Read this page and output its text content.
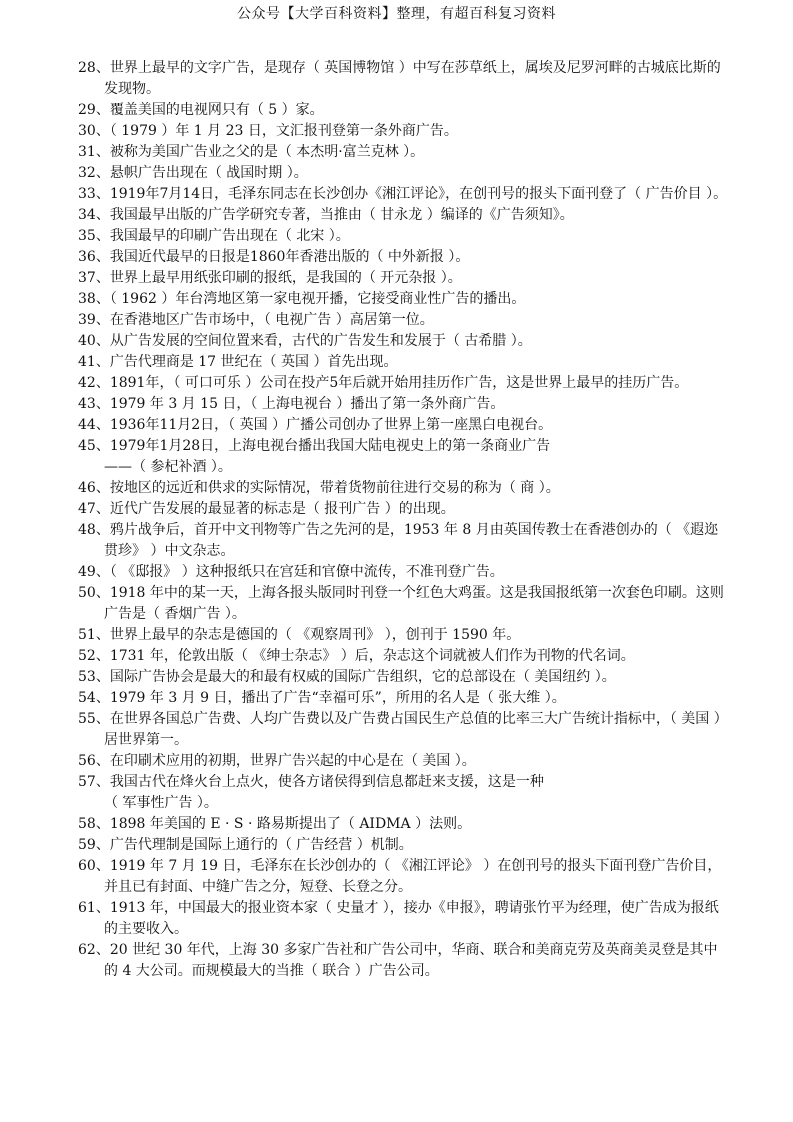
公众号【大学百科资料】整理，有超百科复习资料
28、世界上最早的文字广告，是现存（ 英国博物馆 ）中写在莎草纸上，属埃及尼罗河畔的古城底比斯的发现物。
29、覆盖美国的电视网只有（ 5 ）家。
30、（ 1979 ）年 1 月 23 日，文汇报刊登第一条外商广告。
31、被称为美国广告业之父的是（ 本杰明·富兰克林 ）。
32、悬帜广告出现在（ 战国时期 ）。
33、1919年7月14日，毛泽东同志在长沙创办《湘江评论》，在创刊号的报头下面刊登了（ 广告价目 ）。
34、我国最早出版的广告学研究专著，当推由（ 甘永龙 ）编译的《广告须知》。
35、我国最早的印刷广告出现在（ 北宋 ）。
36、我国近代最早的日报是1860年香港出版的（ 中外新报 ）。
37、世界上最早用纸张印刷的报纸，是我国的（ 开元杂报 ）。
38、（ 1962 ）年台湾地区第一家电视开播，它接受商业性广告的播出。
39、在香港地区广告市场中，（ 电视广告 ）高居第一位。
40、从广告发展的空间位置来看，古代的广告发生和发展于（ 古希腊 ）。
41、广告代理商是 17 世纪在（ 英国 ）首先出现。
42、1891年，（ 可口可乐 ）公司在投产5年后就开始用挂历作广告，这是世界上最早的挂历广告。
43、1979 年 3 月 15 日，（ 上海电视台 ）播出了第一条外商广告。
44、1936年11月2日，（ 英国 ）广播公司创办了世界上第一座黑白电视台。
45、1979年1月28日，上海电视台播出我国大陆电视史上的第一条商业广告
——（ 参杞补酒 ）。
46、按地区的远近和供求的实际情况，带着货物前往进行交易的称为（ 商 ）。
47、近代广告发展的最显著的标志是（ 报刊广告 ）的出现。
48、鸦片战争后，首开中文刊物等广告之先河的是，1953 年 8 月由英国传教士在香港创办的（ 《遐迩贯珍》 ）中文杂志。
49、（ 《邸报》 ）这种报纸只在宫廷和官僚中流传，不准刊登广告。
50、1918 年中的某一天，上海各报头版同时刊登一个红色大鸡蛋。这是我国报纸第一次套色印刷。这则广告是（ 香烟广告 ）。
51、世界上最早的杂志是德国的（ 《观察周刊》 ），创刊于 1590 年。
52、1731 年，伦敦出版（ 《绅士杂志》 ）后，杂志这个词就被人们作为刊物的代名词。
53、国际广告协会是最大的和最有权威的国际广告组织，它的总部设在（ 美国纽约 ）。
54、1979 年 3 月 9 日，播出了广告“幸福可乐”，所用的名人是（ 张大维 ）。
55、在世界各国总广告费、人均广告费以及广告费占国民生产总值的比率三大广告统计指标中，（ 美国 ）居世界第一。
56、在印刷术应用的初期，世界广告兴起的中心是在（ 美国 ）。
57、我国古代在烽火台上点火，使各方诸侯得到信息都赶来支援，这是一种
（ 军事性广告 ）。
58、1898 年美国的 E · S · 路易斯提出了（ AIDMA ）法则。
59、广告代理制是国际上通行的（ 广告经营 ）机制。
60、1919 年 7 月 19 日，毛泽东在长沙创办的（ 《湘江评论》 ）在创刊号的报头下面刊登广告价目，并且已有封面、中缝广告之分，短登、长登之分。
61、1913 年，中国最大的报业资本家（ 史量才 ），接办《申报》，聘请张竹平为经理，使广告成为报纸的主要收入。
62、20 世纪 30 年代，上海 30 多家广告社和广告公司中，华商、联合和美商克劳及英商美灵登是其中的 4 大公司。而规模最大的当推（ 联合 ）广告公司。
